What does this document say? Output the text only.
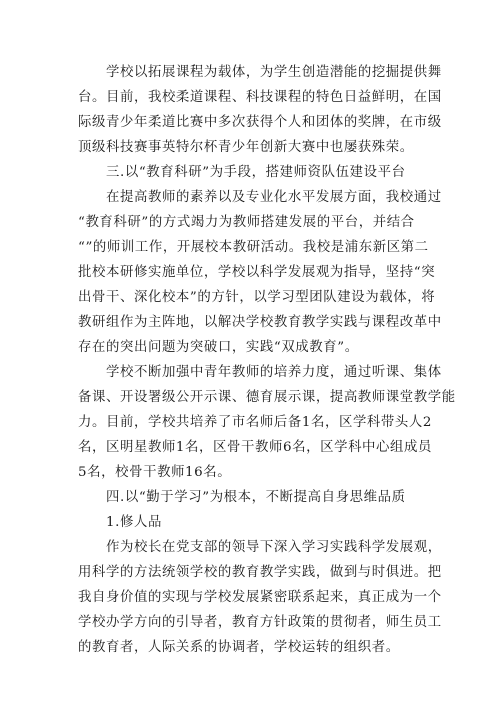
学校以拓展课程为载体，为学生创造潜能的挖掘提供舞
台。目前，我校柔道课程、科技课程的特色日益鲜明，在国
际级青少年柔道比赛中多次获得个人和团体的奖牌，在市级
顶级科技赛事英特尔杯青少年创新大赛中也屡获殊荣。

三.以“教育科研”为手段，搭建师资队伍建设平台

在提高教师的素养以及专业化水平发展方面，我校通过
“教育科研”的方式竭力为教师搭建发展的平台，并结合
“”的师训工作，开展校本教研活动。我校是浦东新区第二
批校本研修实施单位，学校以科学发展观为指导，坚持“突
出骨干、深化校本”的方针，以学习型团队建设为载体，将
教研组作为主阵地，以解决学校教育教学实践与课程改革中
存在的突出问题为突破口，实践“双成教育”。

学校不断加强中青年教师的培养力度，通过听课、集体
备课、开设署级公开示课、德育展示课，提高教师课堂教学能
力。目前，学校共培养了市名师后备1名，区学科带头人2
名，区明星教师1名，区骨干教师6名，区学科中心组成员
5名，校骨干教师16名。

四.以“勤于学习”为根本，不断提高自身思维品质

1.修人品

作为校长在党支部的领导下深入学习实践科学发展观，
用科学的方法统领学校的教育教学实践，做到与时俱进。把
我自身价值的实现与学校发展紧密联系起来，真正成为一个
学校办学方向的引导者，教育方针政策的贯彻者，师生员工
的教育者，人际关系的协调者，学校运转的组织者。
